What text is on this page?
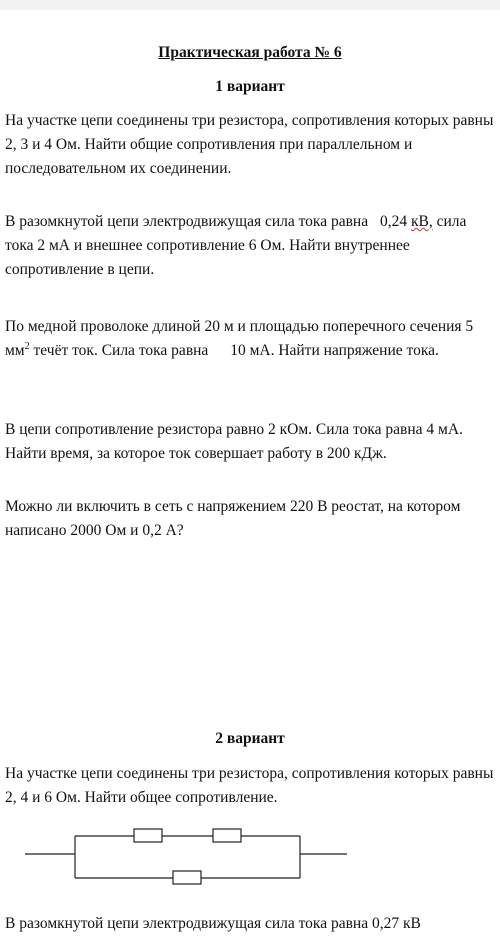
Практическая работа № 6
1 вариант

На участке цепи соединены три резистора, сопротивления которых равны 2, 3 и 4 Ом. Найти общие сопротивления при параллельном и последовательном их соединении.

В разомкнутой цепи электродвижущая сила тока равна 0,24 кВ, сила тока 2 мА и внешнее сопротивление 6 Ом. Найти внутреннее сопротивление в цепи.

По медной проволоке длиной 20 м и площадью поперечного сечения 5 $мм^2$ течёт ток. Сила тока равна 10 мА. Найти напряжение тока.

В цепи сопротивление резистора равно 2 кОм. Сила тока равна 4 мА. Найти время, за которое ток совершает работу в 200 кДж.

Можно ли включить в сеть с напряжением 220 В реостат, на котором написано 2000 Ом и 0,2 А?

2 вариант

На участке цепи соединены три резистора, сопротивления которых равны 2, 4 и 6 Ом. Найти общее сопротивление.

В разомкнутой цепи электродвижущая сила тока равна 0,27 кВ
